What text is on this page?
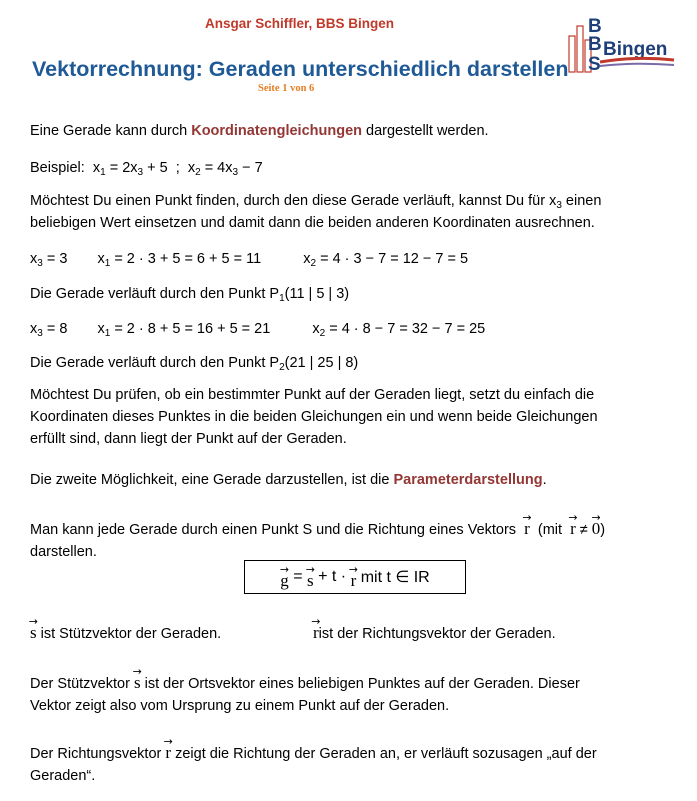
Ansgar Schiffler, BBS Bingen
Vektorrechnung: Geraden unterschiedlich darstellen
Seite 1 von 6
B
B
S
Bingen
Eine Gerade kann durch Koordinatengleichungen dargestellt werden.
Beispiel: $x_1 = 2x_3 + 5$ ; $x_2 = 4x_3 - 7$
Möchtest Du einen Punkt finden, durch den diese Gerade verläuft, kannst Du für $x_3$ einen
beliebigen Wert einsetzen und damit dann die beiden anderen Koordinaten ausrechnen.
$x_3 = 3$ $x_1 = 2 \cdot 3 + 5 = 6 + 5 = 11$	$x_2 = 4 \cdot 3 - 7 = 12 - 7 = 5$
Die Gerade verläuft durch den Punkt $P_1(11$ | 5 | 3)
$x_3 = 8$ $x_1 = 2 \cdot 8 + 5 = 16 + 5 = 21$	$x_2 = 4 \cdot 8 - 7 = 32 - 7 = 25$
Die Gerade verläuft durch den Punkt $P_2(21$ | 25 | 8)
Möchtest Du prüfen, ob ein bestimmter Punkt auf der Geraden liegt, setzt du einfach die
Koordinaten dieses Punktes in die beiden Gleichungen ein und wenn beide Gleichungen
erfüllt sind, dann liegt der Punkt auf der Geraden.
Die zweite Möglichkeit, eine Gerade darzustellen, ist die Parameterdarstellung.
Man kann jede Gerade durch einen Punkt S und die Richtung eines Vektors → r (mit → r ≠ → 0)
darstellen.
→ g
=
→ s
+ t ·
→ r
mit t ∈ IR
→ s ist Stützvektor der Geraden.	→ rist der Richtungsvektor der Geraden.
Der Stützvektor → s ist der Ortsvektor eines beliebigen Punktes auf der Geraden. Dieser
Vektor zeigt also vom Ursprung zu einem Punkt auf der Geraden.
Der Richtungsvektor → r zeigt die Richtung der Geraden an, er verläuft sozusagen „auf der
Geraden“.
